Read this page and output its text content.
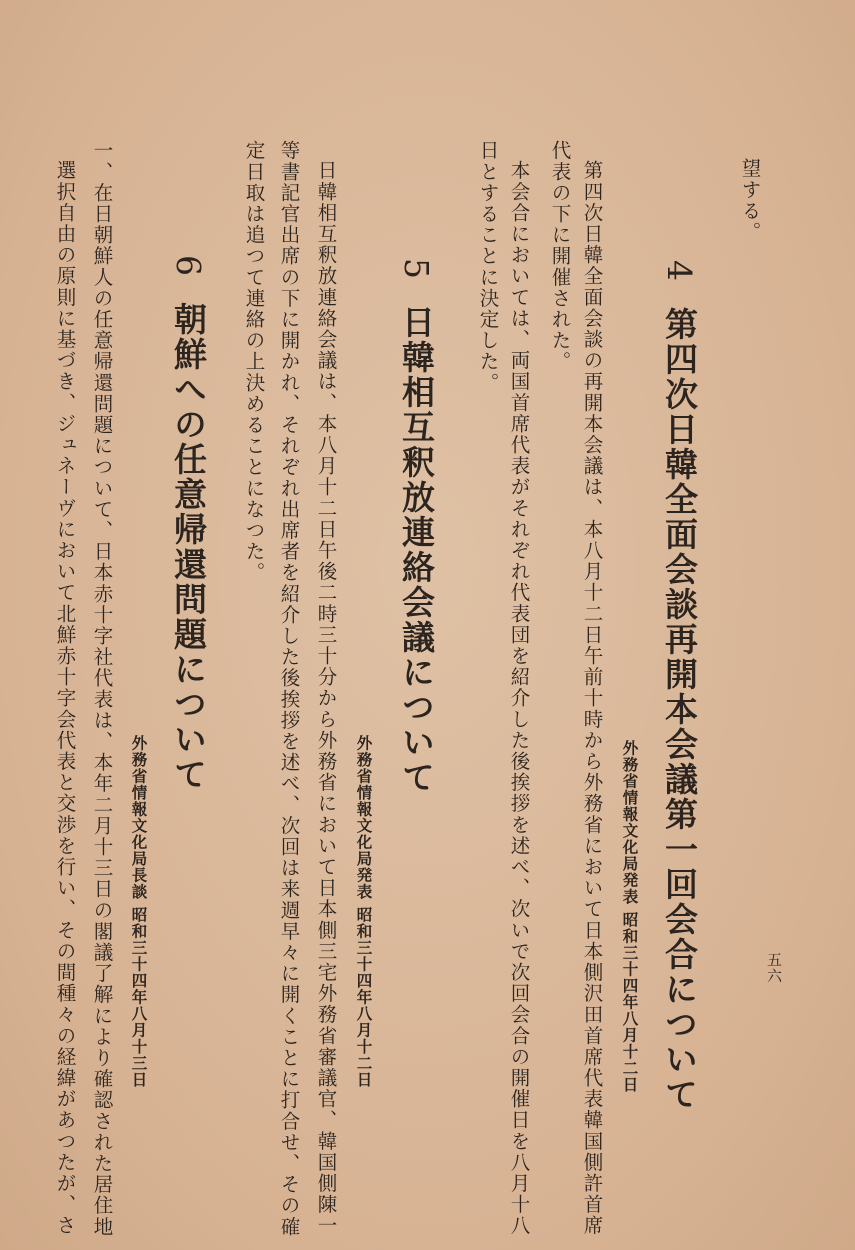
五六
望する。
4第四次日韓全面会談再開本会議第一回会合について
外務省情報文化局発表 昭和三十四年八月十二日
第四次日韓全面会談の再開本会議は、本八月十二日午前十時から外務省において日本側沢田首席代表韓国側許首席
代表の下に開催された。
本会合においては、両国首席代表がそれぞれ代表団を紹介した後挨拶を述べ、次いで次回会合の開催日を八月十八
日とすることに決定した。
5日韓相互釈放連絡会議について
外務省情報文化局発表 昭和三十四年八月十二日
日韓相互釈放連絡会議は、本八月十二日午後二時三十分から外務省において日本側三宅外務省審議官、韓国側陳一
等書記官出席の下に開かれ、それぞれ出席者を紹介した後挨拶を述べ、次回は来週早々に開くことに打合せ、その確
定日取は追つて連絡の上決めることになつた。
6朝鮮への任意帰還問題について
外務省情報文化局長談 昭和三十四年八月十三日
一、在日朝鮮人の任意帰還問題について、日本赤十字社代表は、本年二月十三日の閣議了解により確認された居住地
選択自由の原則に基づき、ジュネーヴにおいて北鮮赤十字会代表と交渉を行い、その間種々の経緯があつたが、さ
